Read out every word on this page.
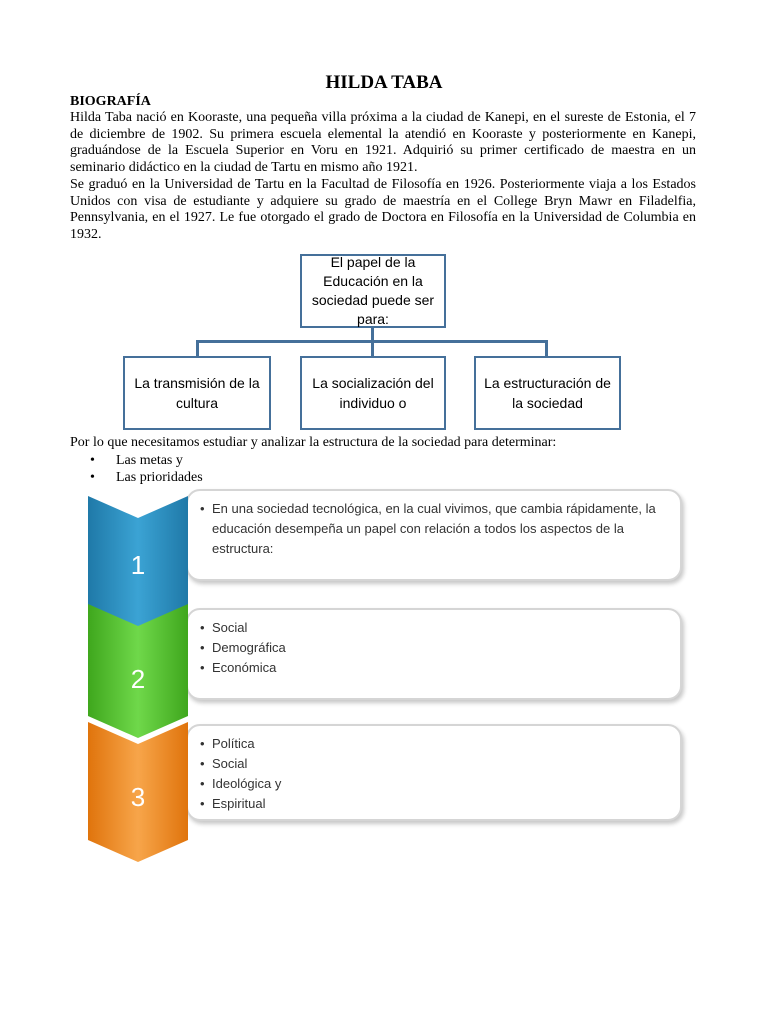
HILDA TABA
BIOGRAFÍA

Hilda Taba nació en Kooraste, una pequeña villa próxima a la ciudad de Kanepi, en el sureste de Estonia, el 7 de diciembre de 1902. Su primera escuela elemental la atendió en Kooraste y posteriormente en Kanepi, graduándose de la Escuela Superior en Voru en 1921. Adquirió su primer certificado de maestra en un seminario didáctico en la ciudad de Tartu en mismo año 1921.

Se graduó en la Universidad de Tartu en la Facultad de Filosofía en 1926. Posteriormente viaja a los Estados Unidos con visa de estudiante y adquiere su grado de maestría en el College Bryn Mawr en Filadelfia, Pennsylvania, en el 1927. Le fue otorgado el grado de Doctora en Filosofía en la Universidad de Columbia en 1932.

El papel de la Educación en la sociedad puede ser para:
La transmisión de la cultura
La socialización del individuo o
La estructuración de la sociedad

Por lo que necesitamos estudiar y analizar la estructura de la sociedad para determinar:

• Las metas y
• Las prioridades
• En una sociedad tecnológica, en la cual vivimos, que cambia rápidamente, la educación desempeña un papel con relación a todos los aspectos de la estructura:
• Social
• Demográfica
• Económica
• Política
• Social
• Ideológica y
• Espiritual
1
2
3
